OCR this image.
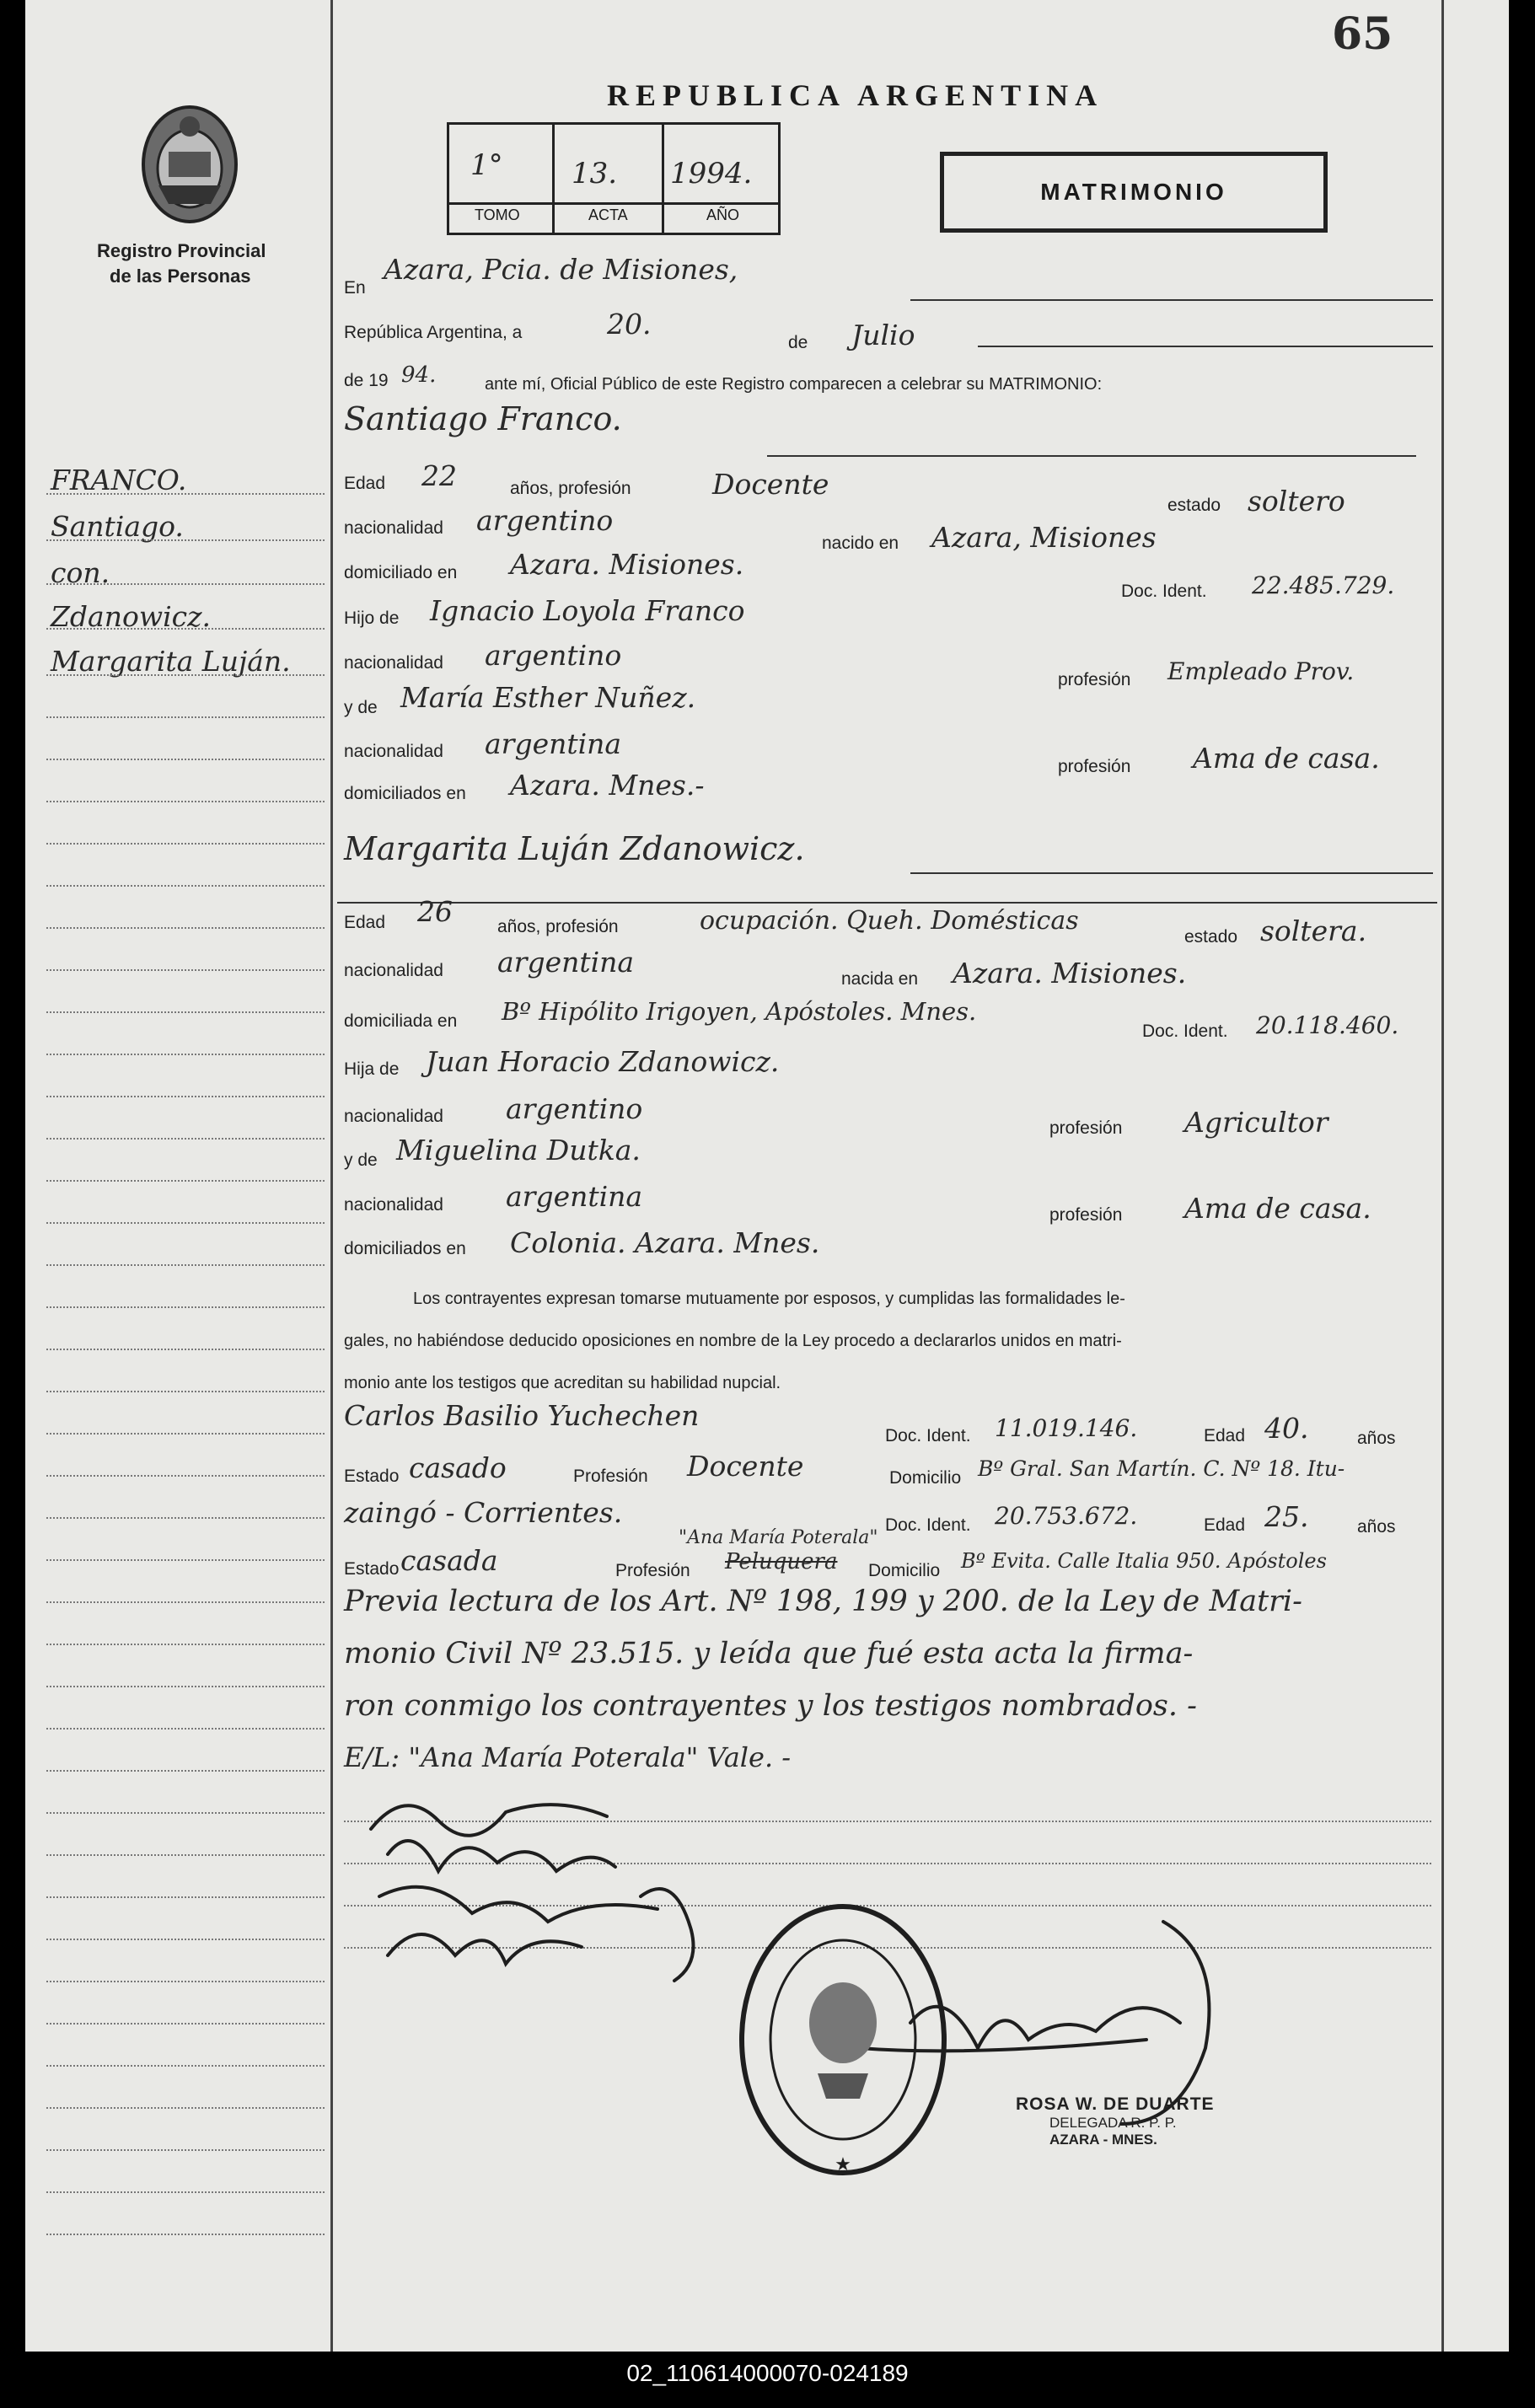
65
Registro Provincial
de las Personas
REPUBLICA ARGENTINA
1° 13. 1994.
TOMO	ACTA	AÑO
MATRIMONIO
FRANCO.
Santiago.
con.
Zdanowicz.
Margarita Luján.
En
Azara, Pcia. de Misiones,
República Argentina, a	20.
de Julio
de 19 94.	ante mí, Oficial Público de este Registro comparecen a celebrar su MATRIMONIO:
Santiago Franco.
Edad 22	años, profesión	Docente
estado soltero
nacionalidad argentino
nacido en Azara, Misiones
domiciliado en Azara. Misiones.
Doc. Ident. 22.485.729.
Hijo de Ignacio Loyola Franco
nacionalidad argentino
profesión Empleado Prov.
y de María Esther Nuñez.
nacionalidad argentina
profesión Ama de casa.
domiciliados en Azara. Mnes.-
Margarita Luján Zdanowicz.
Edad 26	años, profesión	ocupación. Queh. Domésticas
estado soltera.
nacionalidad argentina
nacida en Azara. Misiones.
domiciliada en Bº Hipólito Irigoyen, Apóstoles. Mnes.
Doc. Ident. 20.118.460.
Hija de Juan Horacio Zdanowicz.
nacionalidad argentino
profesión Agricultor
y de Miguelina Dutka.
nacionalidad argentina
profesión Ama de casa.
domiciliados en Colonia. Azara. Mnes.
Los contrayentes expresan tomarse mutuamente por esposos, y cumplidas las formalidades le-
gales, no habiéndose deducido oposiciones en nombre de la Ley procedo a declararlos unidos en matri-
monio ante los testigos que acreditan su habilidad nupcial.
Carlos Basilio Yuchechen
Doc. Ident. 11.019.146.	Edad 40.	años
Estado casado	Profesión Docente	Domicilio Bº Gral. San Martín. C. Nº 18. Itu-
zaingó - Corrientes.	Doc. Ident. 20.753.672.	Edad 25.	años
"Ana María Poterala"
Estado casada	Profesión Peluquera Domicilio Bº Evita. Calle Italia 950. Apóstoles
Previa lectura de los Art. Nº 198, 199 y 200. de la Ley de Matri-
monio Civil Nº 23.515. y leída que fué esta acta la firma-
ron conmigo los contrayentes y los testigos nombrados. -
E/L: "Ana María Poterala" Vale. -
★
ROSA W. DE DUARTE
DELEGADA R. P. P.
AZARA - MNES.
02_110614000070-024189
